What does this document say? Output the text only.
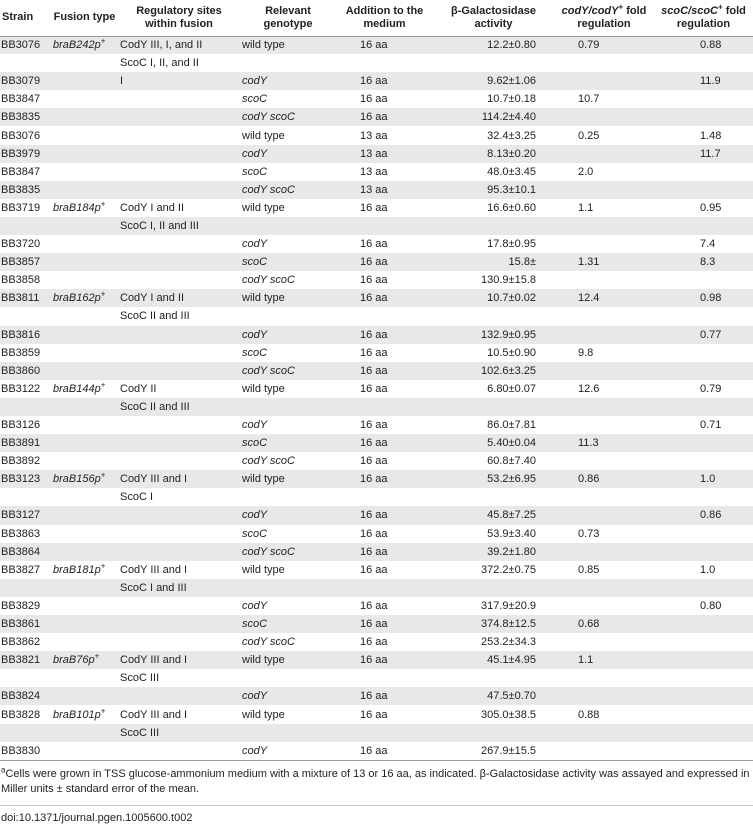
Strain	Fusion type	Regulatory sites within fusion	Relevant genotype	Addition to the medium	β-Galactosidase activity	codY/codY+ fold regulation	scoC/scoC+ fold regulation
BB3076	braB242p+	CodY III, I, and II	wild type	16 aa	12.2±0.80	0.79	0.88
		ScoC I, II, and II					
BB3079		I	codY	16 aa	9.62±1.06		11.9
BB3847			scoC	16 aa	10.7±0.18	10.7	
BB3835			codY scoC	16 aa	114.2±4.40		
BB3076			wild type	13 aa	32.4±3.25	0.25	1.48
BB3979			codY	13 aa	8.13±0.20		11.7
BB3847			scoC	13 aa	48.0±3.45	2.0	
BB3835			codY scoC	13 aa	95.3±10.1		
BB3719	braB184p+	CodY I and II	wild type	16 aa	16.6±0.60	1.1	0.95
		ScoC I, II and III					
BB3720			codY	16 aa	17.8±0.95		7.4
BB3857			scoC	16 aa	15.8±	1.31	8.3
BB3858			codY scoC	16 aa	130.9±15.8		
BB3811	braB162p+	CodY I and II	wild type	16 aa	10.7±0.02	12.4	0.98
		ScoC II and III					
BB3816			codY	16 aa	132.9±0.95		0.77
BB3859			scoC	16 aa	10.5±0.90	9.8	
BB3860			codY scoC	16 aa	102.6±3.25		
BB3122	braB144p+	CodY II	wild type	16 aa	6.80±0.07	12.6	0.79
		ScoC II and III					
BB3126			codY	16 aa	86.0±7.81		0.71
BB3891			scoC	16 aa	5.40±0.04	11.3	
BB3892			codY scoC	16 aa	60.8±7.40		
BB3123	braB156p+	CodY III and I	wild type	16 aa	53.2±6.95	0.86	1.0
		ScoC I					
BB3127			codY	16 aa	45.8±7.25		0.86
BB3863			scoC	16 aa	53.9±3.40	0.73	
BB3864			codY scoC	16 aa	39.2±1.80		
BB3827	braB181p+	CodY III and I	wild type	16 aa	372.2±0.75	0.85	1.0
		ScoC I and III					
BB3829			codY	16 aa	317.9±20.9		0.80
BB3861			scoC	16 aa	374.8±12.5	0.68	
BB3862			codY scoC	16 aa	253.2±34.3		
BB3821	braB76p+	CodY III and I	wild type	16 aa	45.1±4.95	1.1	
		ScoC III					
BB3824			codY	16 aa	47.5±0.70		
BB3828	braB101p+	CodY III and I	wild type	16 aa	305.0±38.5	0.88	
		ScoC III					
BB3830			codY	16 aa	267.9±15.5		
$^a$Cells were grown in TSS glucose-ammonium medium with a mixture of 13 or 16 aa, as indicated. β-Galactosidase activity was assayed and expressed in Miller units ± standard error of the mean.
doi:10.1371/journal.pgen.1005600.t002
